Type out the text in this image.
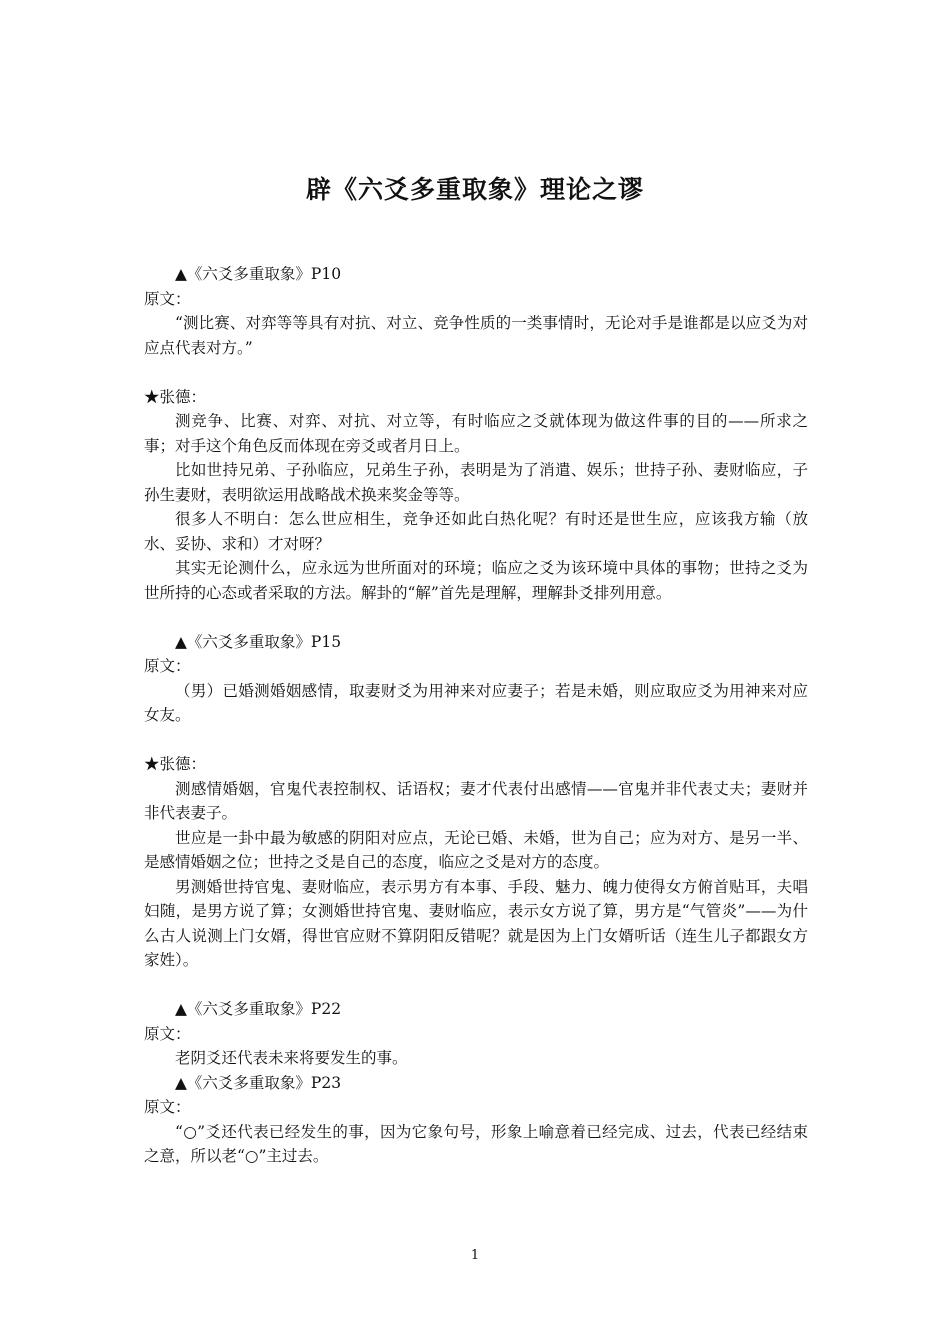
辟《六爻多重取象》理论之谬

▲《六爻多重取象》P10

原文：

“测比赛、对弈等等具有对抗、对立、竞争性质的一类事情时，无论对手是谁都是以应爻为对应点代表对方。”

★张德：

测竞争、比赛、对弈、对抗、对立等，有时临应之爻就体现为做这件事的目的——所求之事；对手这个角色反而体现在旁爻或者月日上。

比如世持兄弟、子孙临应，兄弟生子孙，表明是为了消遣、娱乐；世持子孙、妻财临应，子孙生妻财，表明欲运用战略战术换来奖金等等。

很多人不明白：怎么世应相生，竞争还如此白热化呢？有时还是世生应，应该我方输（放水、妥协、求和）才对呀？

其实无论测什么，应永远为世所面对的环境；临应之爻为该环境中具体的事物；世持之爻为世所持的心态或者采取的方法。解卦的“解”首先是理解，理解卦爻排列用意。

▲《六爻多重取象》P15

原文：

（男）已婚测婚姻感情，取妻财爻为用神来对应妻子；若是未婚，则应取应爻为用神来对应女友。

★张德：

测感情婚姻，官鬼代表控制权、话语权；妻才代表付出感情——官鬼并非代表丈夫；妻财并非代表妻子。

世应是一卦中最为敏感的阴阳对应点，无论已婚、未婚，世为自己；应为对方、是另一半、是感情婚姻之位；世持之爻是自己的态度，临应之爻是对方的态度。

男测婚世持官鬼、妻财临应，表示男方有本事、手段、魅力、魄力使得女方俯首贴耳，夫唱妇随，是男方说了算；女测婚世持官鬼、妻财临应，表示女方说了算，男方是“气管炎”——为什么古人说测上门女婿，得世官应财不算阴阳反错呢？就是因为上门女婿听话（连生儿子都跟女方家姓）。

▲《六爻多重取象》P22

原文：

老阴爻还代表未来将要发生的事。

▲《六爻多重取象》P23

原文：

“○”爻还代表已经发生的事，因为它象句号，形象上喻意着已经完成、过去，代表已经结束之意，所以老“○”主过去。

1
